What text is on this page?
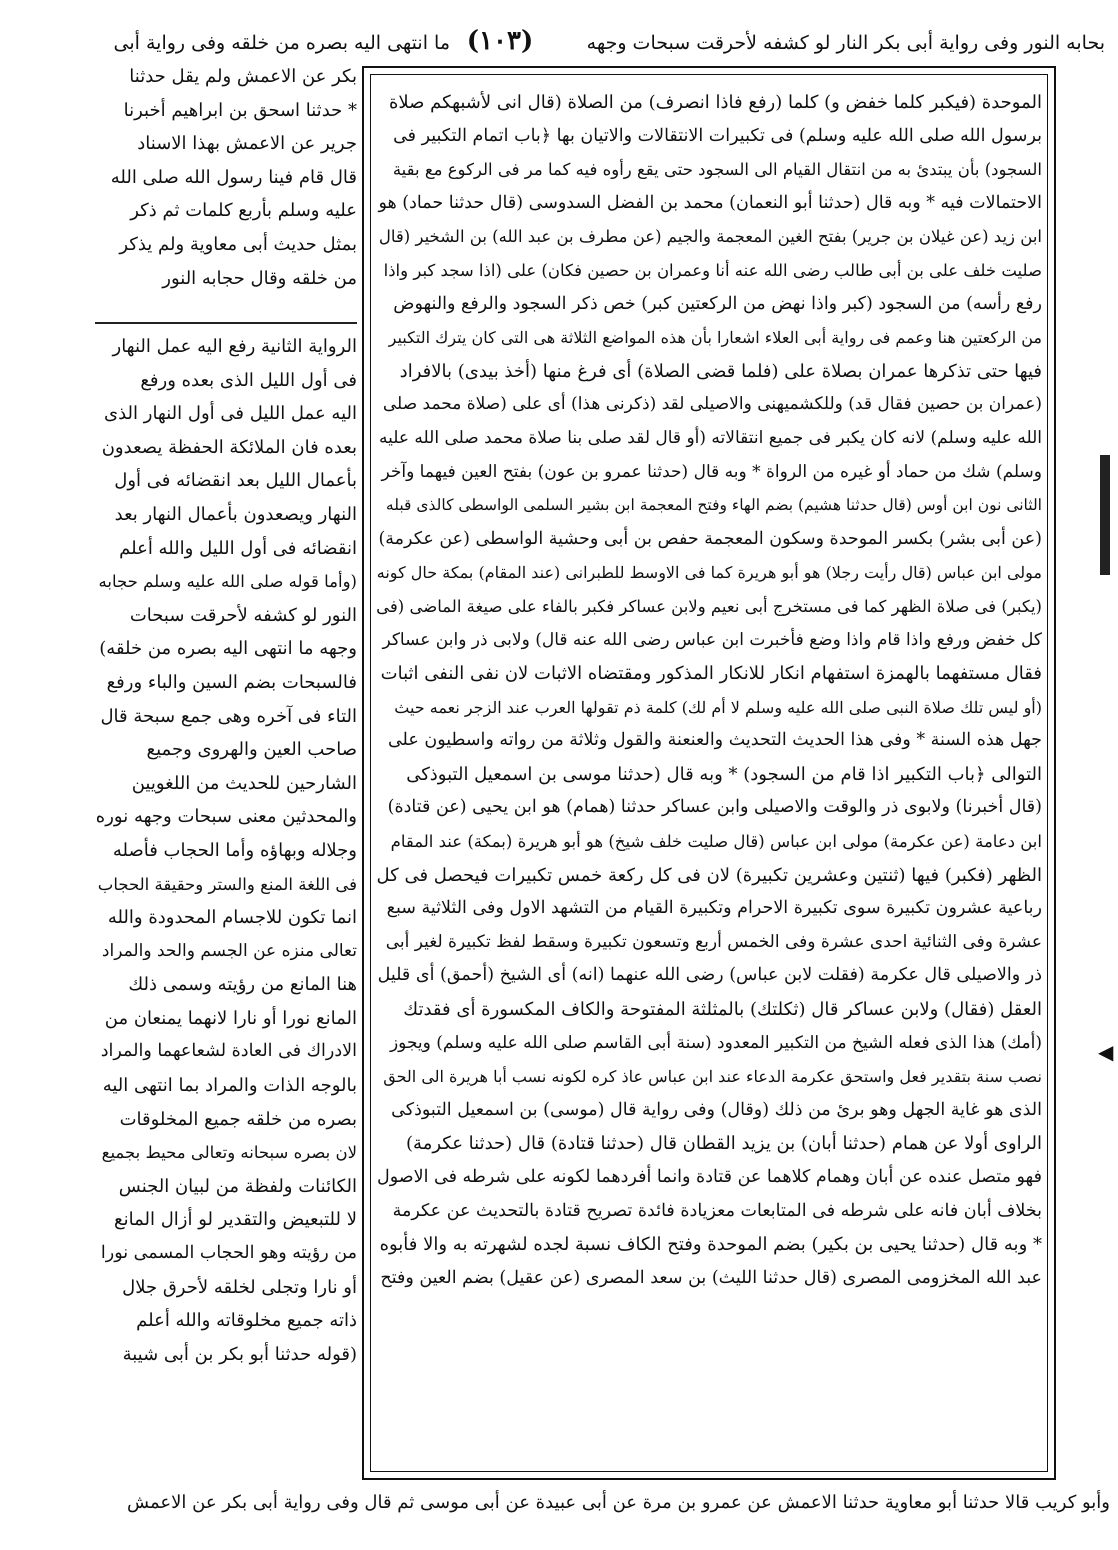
ما انتهى اليه بصره من خلقه وفى رواية أبى (١٠٣)	بحابه النور وفى رواية أبى بكر النار لو كشفه لأحرقت سبحات وجهه
بكر عن الاعمش ولم يقل حدثنا
* حدثنا اسحق بن ابراهيم أخبرنا
جرير عن الاعمش بهذا الاسناد
قال قام فينا رسول الله صلى الله
عليه وسلم بأربع كلمات ثم ذكر
بمثل حديث أبى معاوية ولم يذكر
من خلقه وقال حجابه النور
الرواية الثانية رفع اليه عمل النهار
فى أول الليل الذى بعده ورفع
اليه عمل الليل فى أول النهار الذى
بعده فان الملائكة الحفظة يصعدون
بأعمال الليل بعد انقضائه فى أول
النهار ويصعدون بأعمال النهار بعد
انقضائه فى أول الليل والله أعلم
(وأما قوله صلى الله عليه وسلم حجابه
النور لو كشفه لأحرقت سبحات
وجهه ما انتهى اليه بصره من خلقه)
فالسبحات بضم السين والباء ورفع
التاء فى آخره وهى جمع سبحة قال
صاحب العين والهروى وجميع
الشارحين للحديث من اللغويين
والمحدثين معنى سبحات وجهه نوره
وجلاله وبهاؤه وأما الحجاب فأصله
فى اللغة المنع والستر وحقيقة الحجاب
انما تكون للاجسام المحدودة والله
تعالى منزه عن الجسم والحد والمراد
هنا المانع من رؤيته وسمى ذلك
المانع نورا أو نارا لانهما يمنعان من
الادراك فى العادة لشعاعهما والمراد
بالوجه الذات والمراد بما انتهى اليه
بصره من خلقه جميع المخلوقات
لان بصره سبحانه وتعالى محيط بجميع
الكائنات ولفظة من لبيان الجنس
لا للتبعيض والتقدير لو أزال المانع
من رؤيته وهو الحجاب المسمى نورا
أو نارا وتجلى لخلقه لأحرق جلال
ذاته جميع مخلوقاته والله أعلم
(قوله حدثنا أبو بكر بن أبى شيبة
الموحدة (فيكبر كلما خفض و) كلما (رفع فاذا انصرف) من الصلاة (قال انى لأشبهكم صلاة
برسول الله صلى الله عليه وسلم) فى تكبيرات الانتقالات والاتيان بها ﴿باب اتمام التكبير فى
السجود) بأن يبتدئ به من انتقال القيام الى السجود حتى يقع رأوه فيه كما مر فى الركوع مع بقية
الاحتمالات فيه * وبه قال (حدثنا أبو النعمان) محمد بن الفضل السدوسى (قال حدثنا حماد) هو
ابن زيد (عن غيلان بن جرير) بفتح الغين المعجمة والجيم (عن مطرف بن عبد الله) بن الشخير (قال
صليت خلف على بن أبى طالب رضى الله عنه أنا وعمران بن حصين فكان) على (اذا سجد كبر واذا
رفع رأسه) من السجود (كبر واذا نهض من الركعتين كبر) خص ذكر السجود والرفع والنهوض
من الركعتين هنا وعمم فى رواية أبى العلاء اشعارا بأن هذه المواضع الثلاثة هى التى كان يترك التكبير
فيها حتى تذكرها عمران بصلاة على (فلما قضى الصلاة) أى فرغ منها (أخذ بيدى) بالافراد
(عمران بن حصين فقال قد) وللكشميهنى والاصيلى لقد (ذكرنى هذا) أى على (صلاة محمد صلى
الله عليه وسلم) لانه كان يكبر فى جميع انتقالاته (أو قال لقد صلى بنا صلاة محمد صلى الله عليه
وسلم) شك من حماد أو غيره من الرواة * وبه قال (حدثنا عمرو بن عون) بفتح العين فيهما وآخر
الثانى نون ابن أوس (قال حدثنا هشيم) بضم الهاء وفتح المعجمة ابن بشير السلمى الواسطى كالذى قبله
(عن أبى بشر) بكسر الموحدة وسكون المعجمة حفص بن أبى وحشية الواسطى (عن عكرمة)
مولى ابن عباس (قال رأيت رجلا) هو أبو هريرة كما فى الاوسط للطبرانى (عند المقام) بمكة حال كونه
(يكبر) فى صلاة الظهر كما فى مستخرج أبى نعيم ولابن عساكر فكبر بالفاء على صيغة الماضى (فى
كل خفض ورفع واذا قام واذا وضع فأخبرت ابن عباس رضى الله عنه قال) ولابى ذر وابن عساكر
فقال مستفهما بالهمزة استفهام انكار للانكار المذكور ومقتضاه الاثبات لان نفى النفى اثبات
(أو ليس تلك صلاة النبى صلى الله عليه وسلم لا أم لك) كلمة ذم تقولها العرب عند الزجر نعمه حيث
جهل هذه السنة * وفى هذا الحديث التحديث والعنعنة والقول وثلاثة من رواته واسطيون على
التوالى ﴿باب التكبير اذا قام من السجود) * وبه قال (حدثنا موسى بن اسمعيل التبوذكى
(قال أخبرنا) ولابوى ذر والوقت والاصيلى وابن عساكر حدثنا (همام) هو ابن يحيى (عن قتادة)
ابن دعامة (عن عكرمة) مولى ابن عباس (قال صليت خلف شيخ) هو أبو هريرة (بمكة) عند المقام
الظهر (فكبر) فيها (ثنتين وعشرين تكبيرة) لان فى كل ركعة خمس تكبيرات فيحصل فى كل
رباعية عشرون تكبيرة سوى تكبيرة الاحرام وتكبيرة القيام من التشهد الاول وفى الثلاثية سبع
عشرة وفى الثنائية احدى عشرة وفى الخمس أربع وتسعون تكبيرة وسقط لفظ تكبيرة لغير أبى
ذر والاصيلى قال عكرمة (فقلت لابن عباس) رضى الله عنهما (انه) أى الشيخ (أحمق) أى قليل
العقل (فقال) ولابن عساكر قال (ثكلتك) بالمثلثة المفتوحة والكاف المكسورة أى فقدتك
(أمك) هذا الذى فعله الشيخ من التكبير المعدود (سنة أبى القاسم صلى الله عليه وسلم) ويجوز
نصب سنة بتقدير فعل واستحق عكرمة الدعاء عند ابن عباس عاذ كره لكونه نسب أبا هريرة الى الحق
الذى هو غاية الجهل وهو برئ من ذلك (وقال) وفى رواية قال (موسى) بن اسمعيل التبوذكى
الراوى أولا عن همام (حدثنا أبان) بن يزيد القطان قال (حدثنا قتادة) قال (حدثنا عكرمة)
فهو متصل عنده عن أبان وهمام كلاهما عن قتادة وانما أفردهما لكونه على شرطه فى الاصول
بخلاف أبان فانه على شرطه فى المتابعات معزيادة فائدة تصريح قتادة بالتحديث عن عكرمة
* وبه قال (حدثنا يحيى بن بكير) بضم الموحدة وفتح الكاف نسبة لجده لشهرته به والا فأبوه
عبد الله المخزومى المصرى (قال حدثنا الليث) بن سعد المصرى (عن عقيل) بضم العين وفتح
وأبو كريب قالا حدثنا أبو معاوية حدثنا الاعمش عن عمرو بن مرة عن أبى عبيدة عن أبى موسى ثم قال وفى رواية أبى بكر عن الاعمش
◀
